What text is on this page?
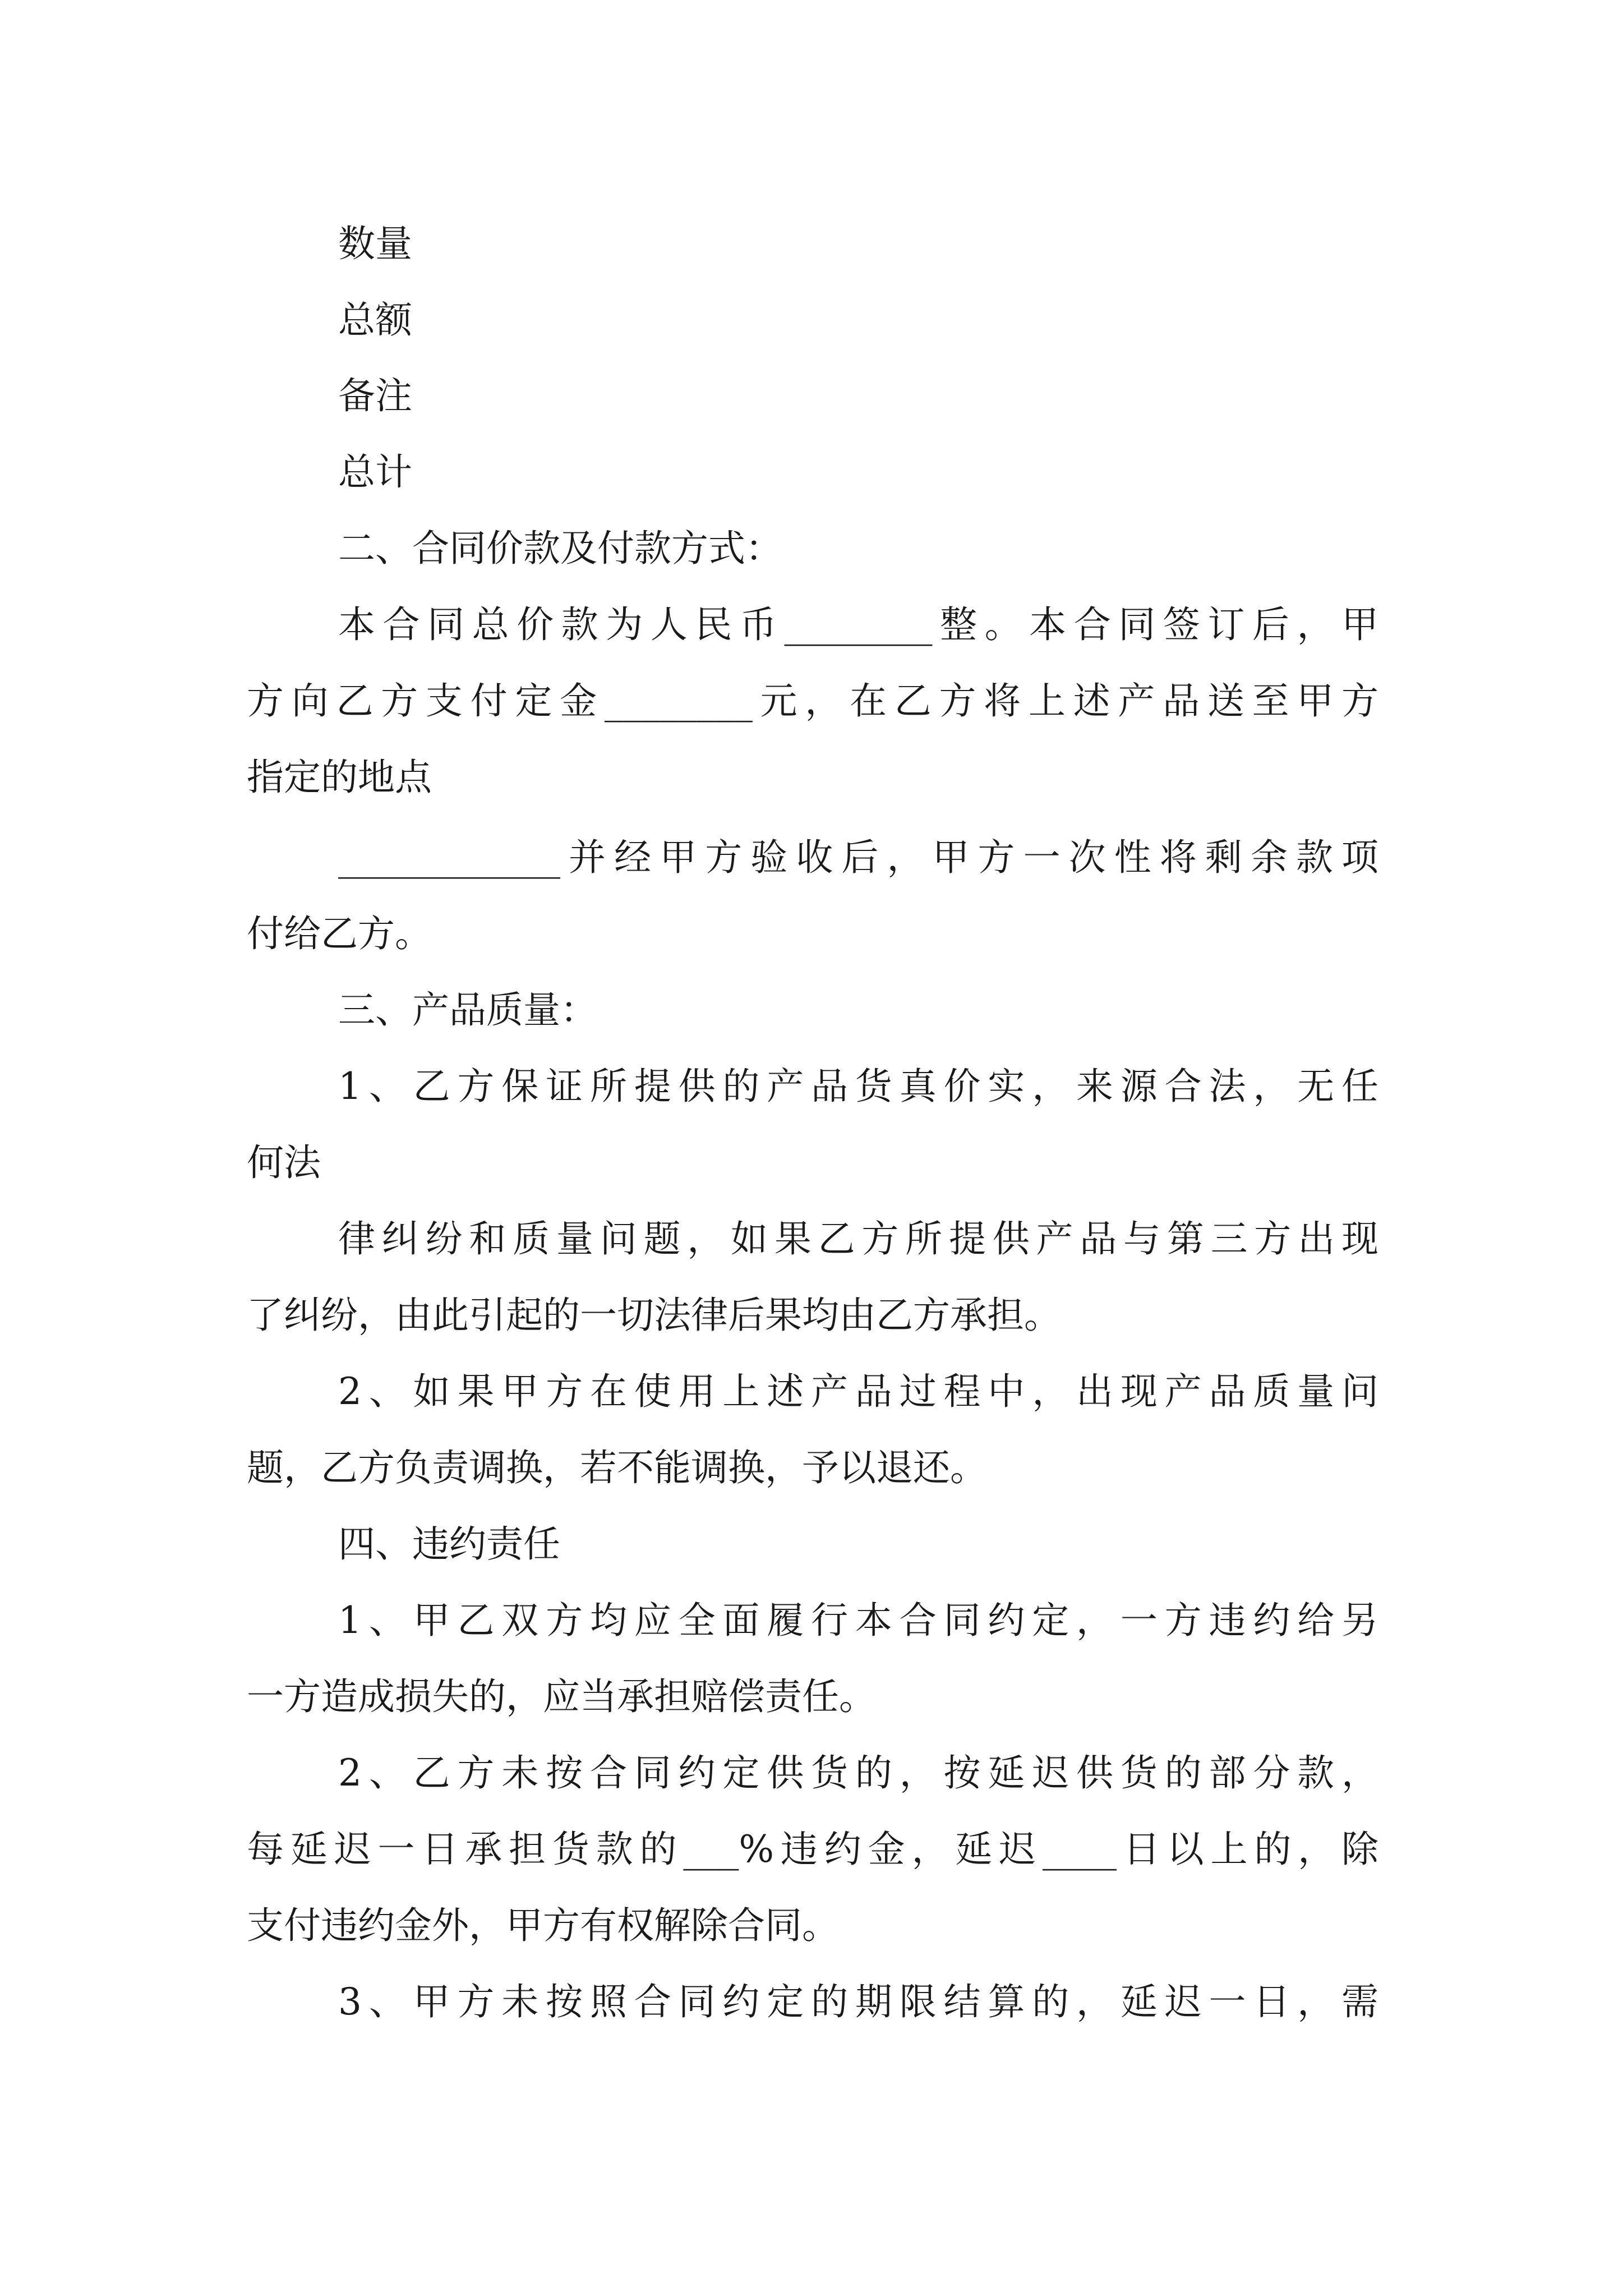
数量
总额
备注
总计
二、合同价款及付款方式：
本合同总价款为人民币________整。本合同签订后，甲
方向乙方支付定金________元，在乙方将上述产品送至甲方
指定的地点
____________并经甲方验收后，甲方一次性将剩余款项
付给乙方。
三、产品质量：
1、乙方保证所提供的产品货真价实，来源合法，无任
何法
律纠纷和质量问题，如果乙方所提供产品与第三方出现
了纠纷，由此引起的一切法律后果均由乙方承担。
2、如果甲方在使用上述产品过程中，出现产品质量问
题，乙方负责调换，若不能调换，予以退还。
四、违约责任
1、甲乙双方均应全面履行本合同约定，一方违约给另
一方造成损失的，应当承担赔偿责任。
2、乙方未按合同约定供货的，按延迟供货的部分款，
每延迟一日承担货款的___%违约金，延迟____日以上的，除
支付违约金外，甲方有权解除合同。
3、甲方未按照合同约定的期限结算的，延迟一日，需
